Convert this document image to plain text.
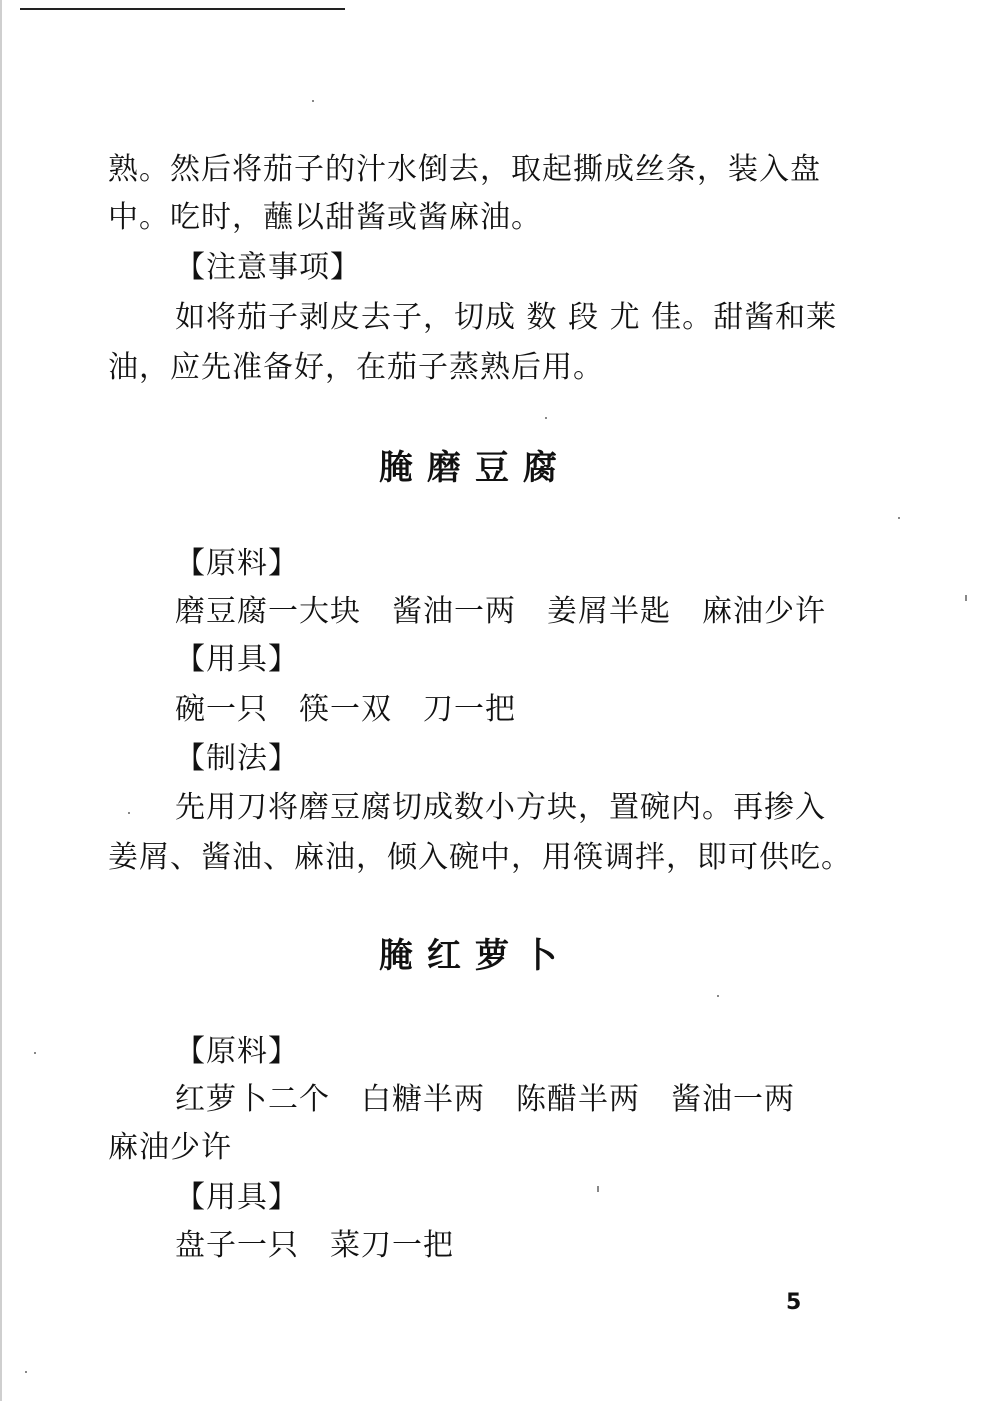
熟。然后将茄子的汁水倒去，取起撕成丝条，装入盘
中。吃时，蘸以甜酱或酱麻油。
【注意事项】
如将茄子剥皮去子，切成 数 段 尤 佳。甜酱和莱
油，应先准备好，在茄子蒸熟后用。
腌磨豆腐
【原料】
磨豆腐一大块　酱油一两　姜屑半匙　麻油少许
【用具】
碗一只　筷一双　刀一把
【制法】
先用刀将磨豆腐切成数小方块，置碗内。再掺入
姜屑、酱油、麻油，倾入碗中，用筷调拌，即可供吃。
腌红萝卜
【原料】
红萝卜二个　白糖半两　陈醋半两　酱油一两
麻油少许
【用具】
盘子一只　菜刀一把
5
